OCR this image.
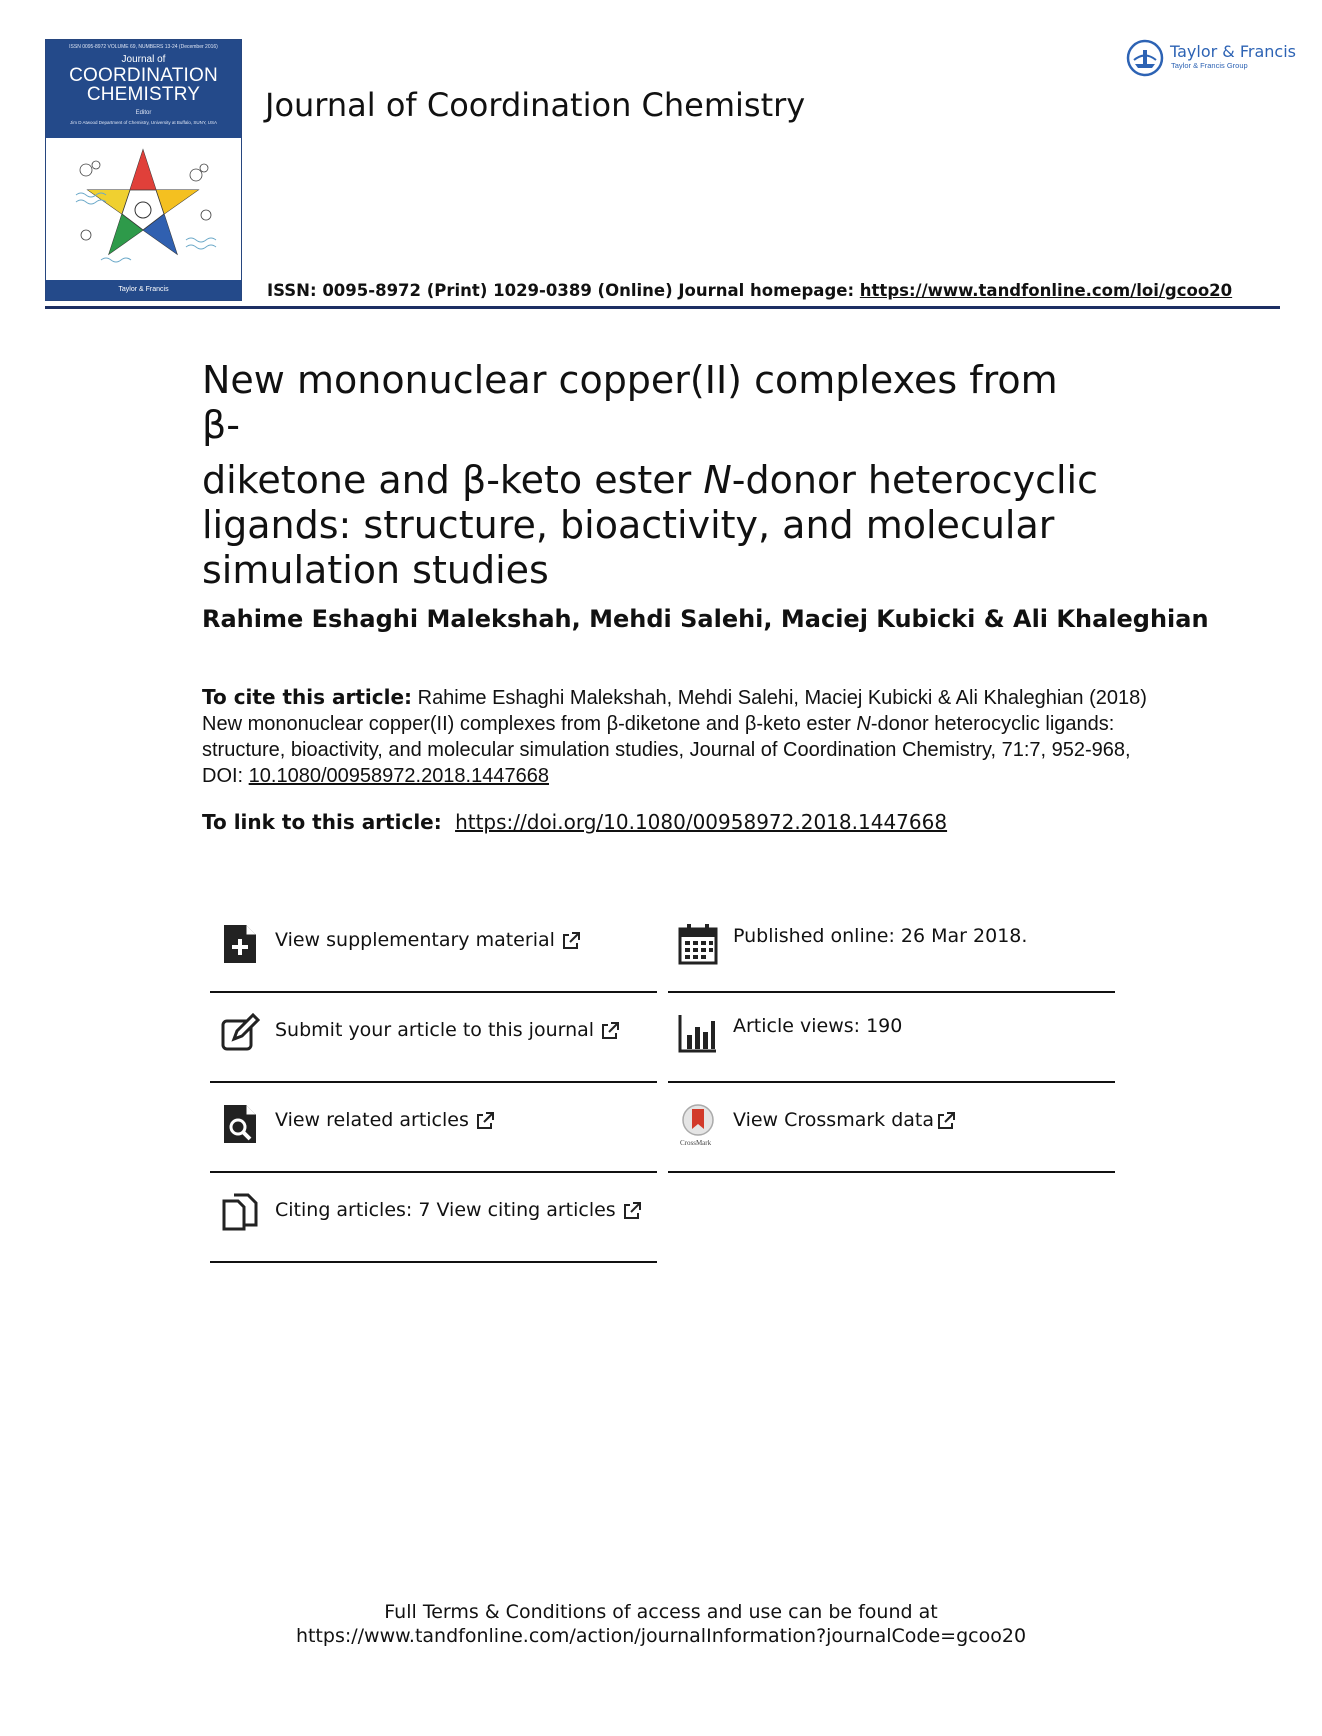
ISSN 0095-8972 VOLUME 69, NUMBERS 13-24 (December 2016)
Journal of
COORDINATION
CHEMISTRY
Editor
Jim D Atwood Department of Chemistry, University at Buffalo, SUNY, USA
Taylor & Francis
Journal of Coordination Chemistry
Taylor & Francis
Taylor & Francis Group
ISSN: 0095-8972 (Print) 1029-0389 (Online) Journal homepage: https://www.tandfonline.com/loi/gcoo20
New mononuclear copper(II) complexes from β-
diketone and β-keto ester N-donor heterocyclic
ligands: structure, bioactivity, and molecular
simulation studies
Rahime Eshaghi Malekshah, Mehdi Salehi, Maciej Kubicki & Ali Khaleghian
To cite this article: Rahime Eshaghi Malekshah, Mehdi Salehi, Maciej Kubicki & Ali Khaleghian (2018) New mononuclear copper(II) complexes from β-diketone and β-keto ester N-donor heterocyclic ligands: structure, bioactivity, and molecular simulation studies, Journal of Coordination Chemistry, 71:7, 952-968, DOI: 10.1080/00958972.2018.1447668
To link to this article:  https://doi.org/10.1080/00958972.2018.1447668
View supplementary material
Submit your article to this journal
View related articles
Citing articles: 7 View citing articles
Published online: 26 Mar 2018.
Article views: 190
CrossMark
View Crossmark data
Full Terms & Conditions of access and use can be found at
https://www.tandfonline.com/action/journalInformation?journalCode=gcoo20
